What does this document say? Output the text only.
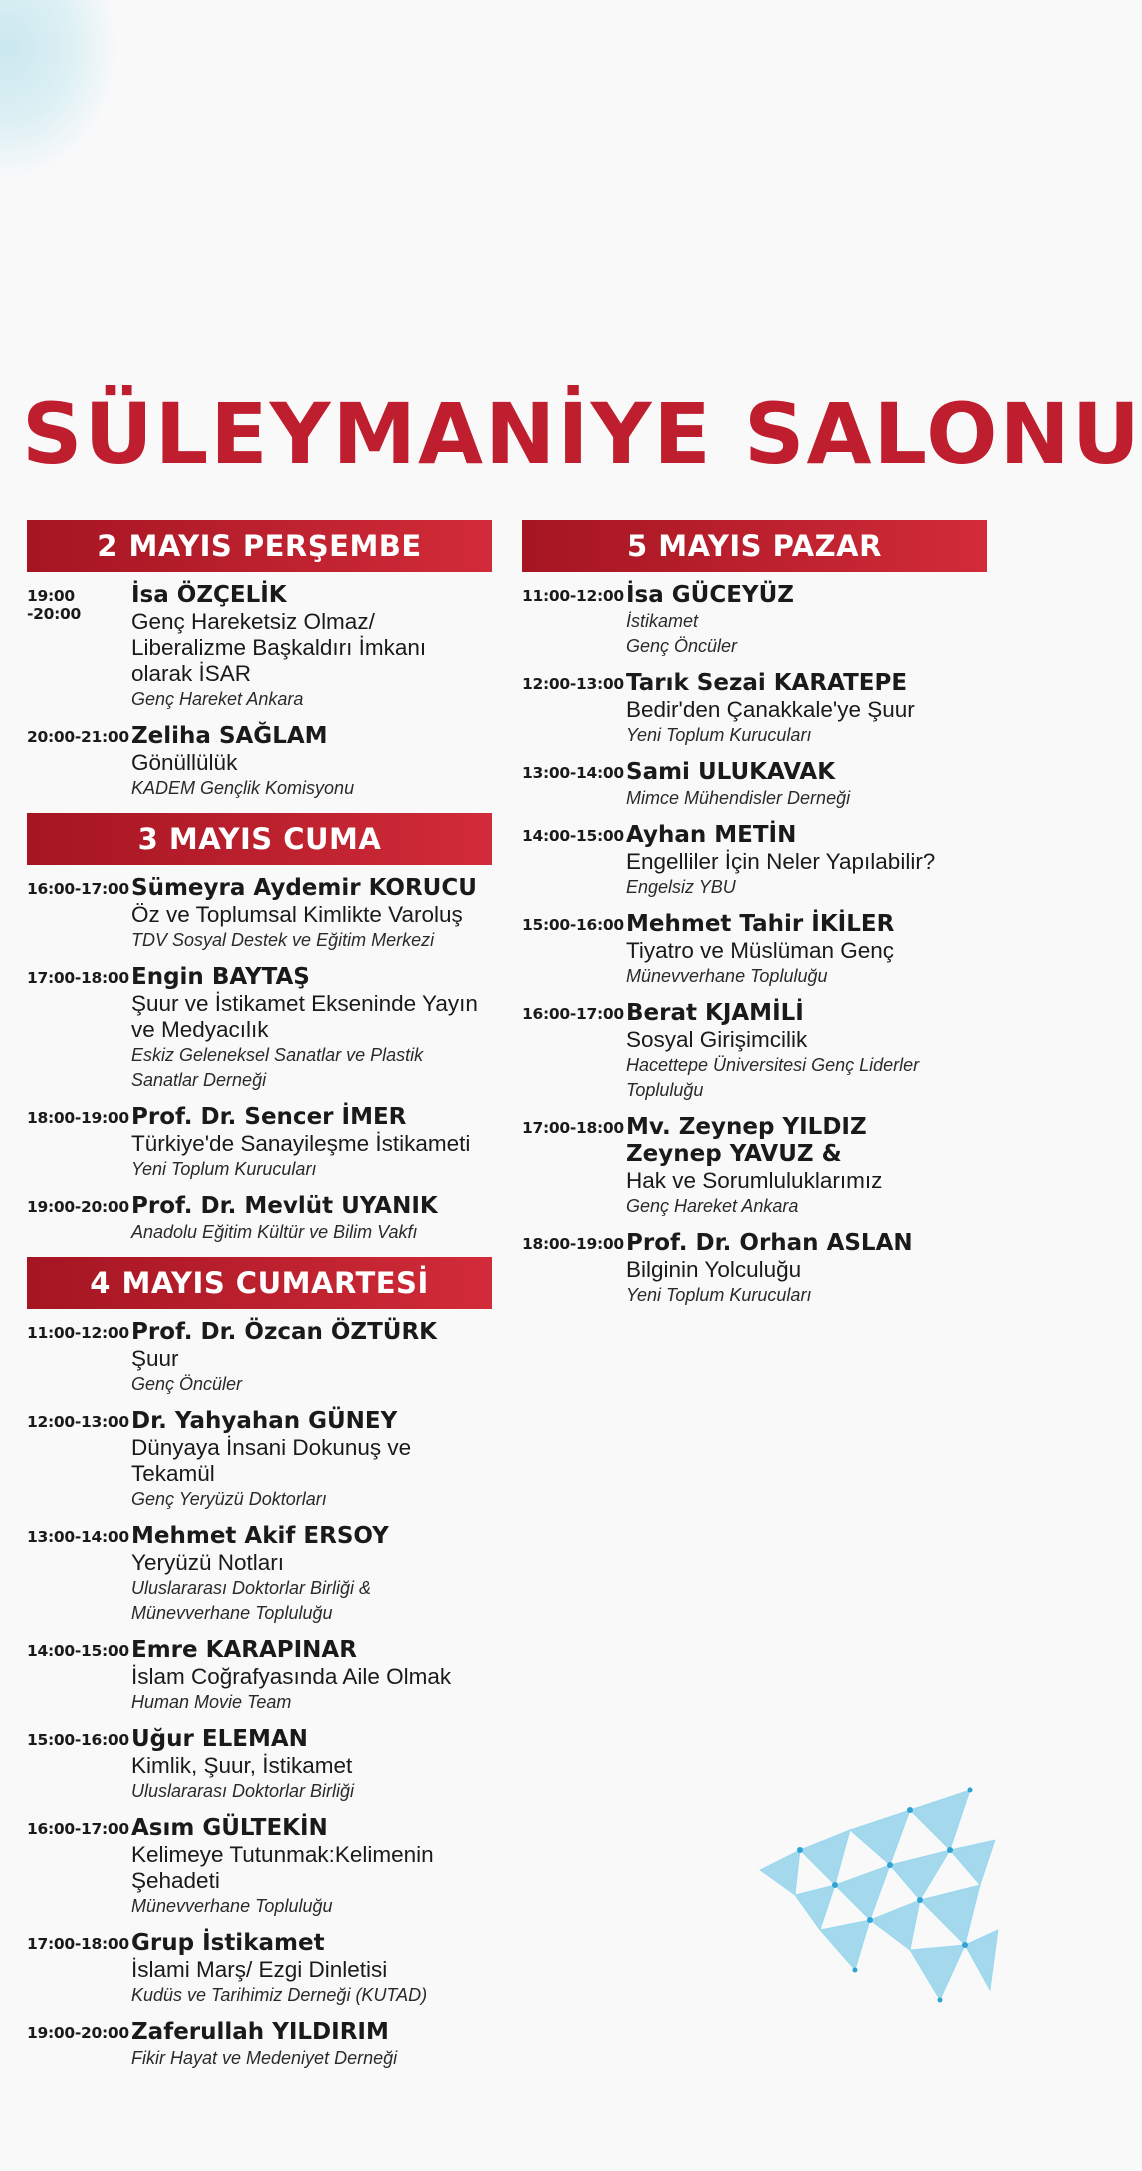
SÜLEYMANİYE SALONU
2 MAYIS PERŞEMBE
19:00 -20:00
İsa ÖZÇELİK
Genç Hareketsiz Olmaz/
Liberalizme Başkaldırı İmkanı
olarak İSAR
Genç Hareket Ankara
20:00-21:00 Zeliha SAĞLAM
Gönüllülük
KADEM Gençlik Komisyonu
3 MAYIS CUMA
16:00-17:00 Sümeyra Aydemir KORUCU
Öz ve Toplumsal Kimlikte Varoluş
TDV Sosyal Destek ve Eğitim Merkezi
17:00-18:00 Engin BAYTAŞ
Şuur ve İstikamet Ekseninde Yayın
ve Medyacılık
Eskiz Geleneksel Sanatlar ve Plastik
Sanatlar Derneği
18:00-19:00 Prof. Dr. Sencer İMER
Türkiye'de Sanayileşme İstikameti
Yeni Toplum Kurucuları
19:00-20:00 Prof. Dr. Mevlüt UYANIK
Anadolu Eğitim Kültür ve Bilim Vakfı
4 MAYIS CUMARTESİ
11:00-12:00 Prof. Dr. Özcan ÖZTÜRK
Şuur
Genç Öncüler
12:00-13:00 Dr. Yahyahan GÜNEY
Dünyaya İnsani Dokunuş ve
Tekamül
Genç Yeryüzü Doktorları
13:00-14:00 Mehmet Akif ERSOY
Yeryüzü Notları
Uluslararası Doktorlar Birliği &
Münevverhane Topluluğu
14:00-15:00 Emre KARAPINAR
İslam Coğrafyasında Aile Olmak
Human Movie Team
15:00-16:00 Uğur ELEMAN
Kimlik, Şuur, İstikamet
Uluslararası Doktorlar Birliği
16:00-17:00 Asım GÜLTEKİN
Kelimeye Tutunmak:Kelimenin
Şehadeti
Münevverhane Topluluğu
17:00-18:00 Grup İstikamet
İslami Marş/ Ezgi Dinletisi
Kudüs ve Tarihimiz Derneği (KUTAD)
19:00-20:00 Zaferullah YILDIRIM
Fikir Hayat ve Medeniyet Derneği
5 MAYIS PAZAR
11:00-12:00 İsa GÜCEYÜZ
İstikamet
Genç Öncüler
12:00-13:00 Tarık Sezai KARATEPE
Bedir'den Çanakkale'ye Şuur
Yeni Toplum Kurucuları
13:00-14:00 Sami ULUKAVAK
Mimce Mühendisler Derneği
14:00-15:00 Ayhan METİN
Engelliler İçin Neler Yapılabilir?
Engelsiz YBU
15:00-16:00 Mehmet Tahir İKİLER
Tiyatro ve Müslüman Genç
Münevverhane Topluluğu
16:00-17:00 Berat KJAMİLİ
Sosyal Girişimcilik
Hacettepe Üniversitesi Genç Liderler
Topluluğu
17:00-18:00 Mv. Zeynep YILDIZ
Zeynep YAVUZ &
Hak ve Sorumluluklarımız
Genç Hareket Ankara
18:00-19:00 Prof. Dr. Orhan ASLAN
Bilginin Yolculuğu
Yeni Toplum Kurucuları
